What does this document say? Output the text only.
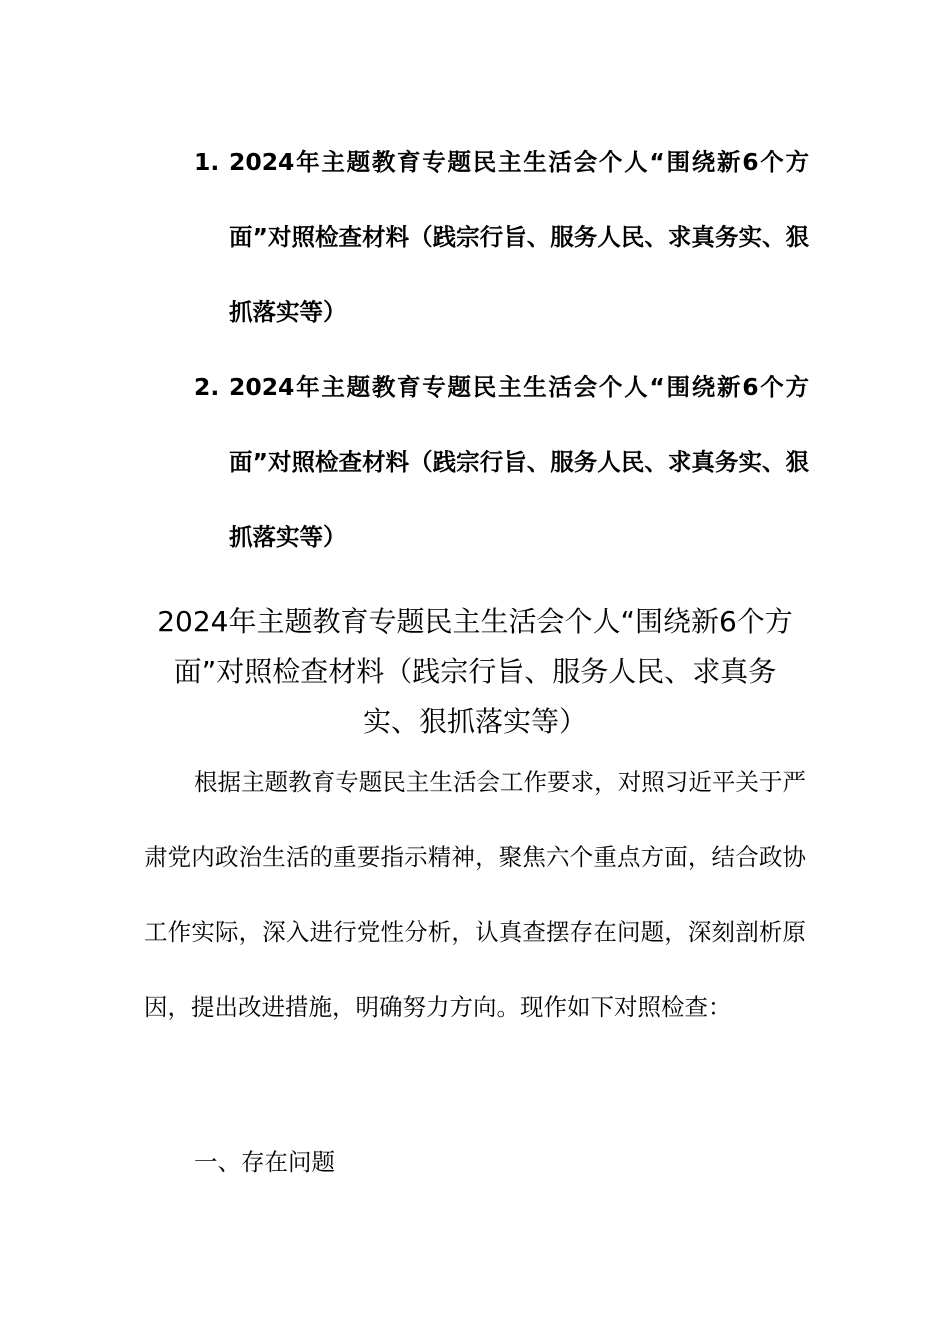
1. 2024年主题教育专题民主生活会个人“围绕新6个方面”对照检查材料（践宗行旨、服务人民、求真务实、狠抓落实等）
2. 2024年主题教育专题民主生活会个人“围绕新6个方面”对照检查材料（践宗行旨、服务人民、求真务实、狠抓落实等）
2024年主题教育专题民主生活会个人“围绕新6个方面”对照检查材料（践宗行旨、服务人民、求真务实、狠抓落实等）

根据主题教育专题民主生活会工作要求，对照习近平关于严肃党内政治生活的重要指示精神，聚焦六个重点方面，结合政协工作实际，深入进行党性分析，认真查摆存在问题，深刻剖析原因，提出改进措施，明确努力方向。现作如下对照检查：

一、存在问题
